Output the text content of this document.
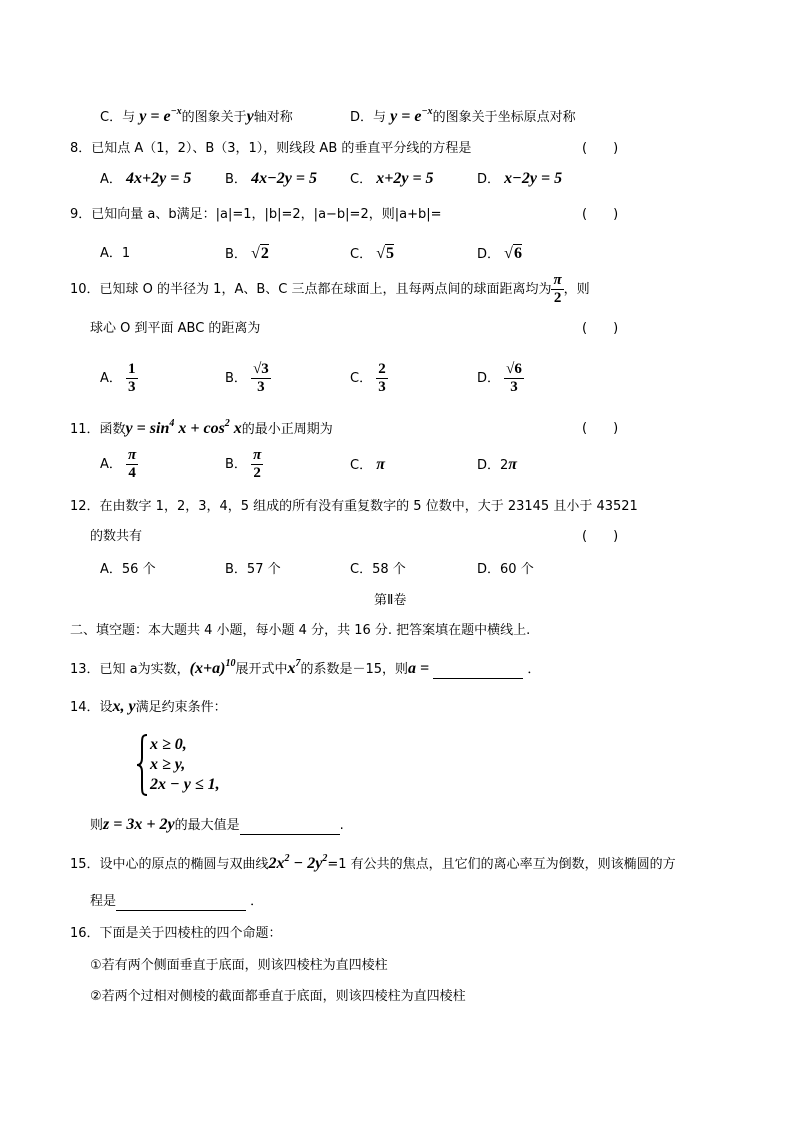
C．与 $y = e^{-x}$的图象关于y轴对称	D．与 $y = e^{-x}$的图象关于坐标原点对称
8．已知点 A（1，2）、B（3，1），则线段 AB 的垂直平分线的方程是	(　　)
A． 4x+2y = 5	B． 4x−2y = 5	C． x+2y = 5	D． x−2y = 5
9．已知向量 a、b满足：|a|=1，|b|=2，|a−b|=2，则|a+b|=	(　　)
A．1	B． √2	C． √5	D． √6
10．已知球 O 的半径为 1，A、B、C 三点都在球面上，且每两点间的球面距离均为 $\frac{\pi}{2}$ ，则
球心 O 到平面 ABC 的距离为	(　　)
A． $\frac{1}{3}$	B． $\frac{√3}{3}$	C． $\frac{2}{3}$	D． $\frac{√6}{3}$
11．函数$y = \sin^4 x + \cos^2 x$的最小正周期为	(　　)
A． $\frac{\pi}{4}$	B． $\frac{\pi}{2}$	C． π	D．2π
12．在由数字 1，2，3，4，5 组成的所有没有重复数字的 5 位数中，大于 23145 且小于 43521
的数共有	(　　)
A．56 个	B．57 个	C．58 个	D．60 个
第Ⅱ卷
二、填空题：本大题共 4 小题，每小题 4 分，共 16 分. 把答案填在题中横线上.
13．已知 a为实数，$(x+a)^{10}$展开式中$x^7$的系数是－15，则a =	．
14．设x, y满足约束条件：
x ≥ 0,
x ≥ y,
2x − y ≤ 1,
则z = 3x + 2y的最大值是	.
15．设中心的原点的椭圆与双曲线$2x^2 - 2y^2=1$ 有公共的焦点，且它们的离心率互为倒数，则该椭圆的方
程是	．
16．下面是关于四棱柱的四个命题：
①若有两个侧面垂直于底面，则该四棱柱为直四棱柱
②若两个过相对侧棱的截面都垂直于底面，则该四棱柱为直四棱柱
